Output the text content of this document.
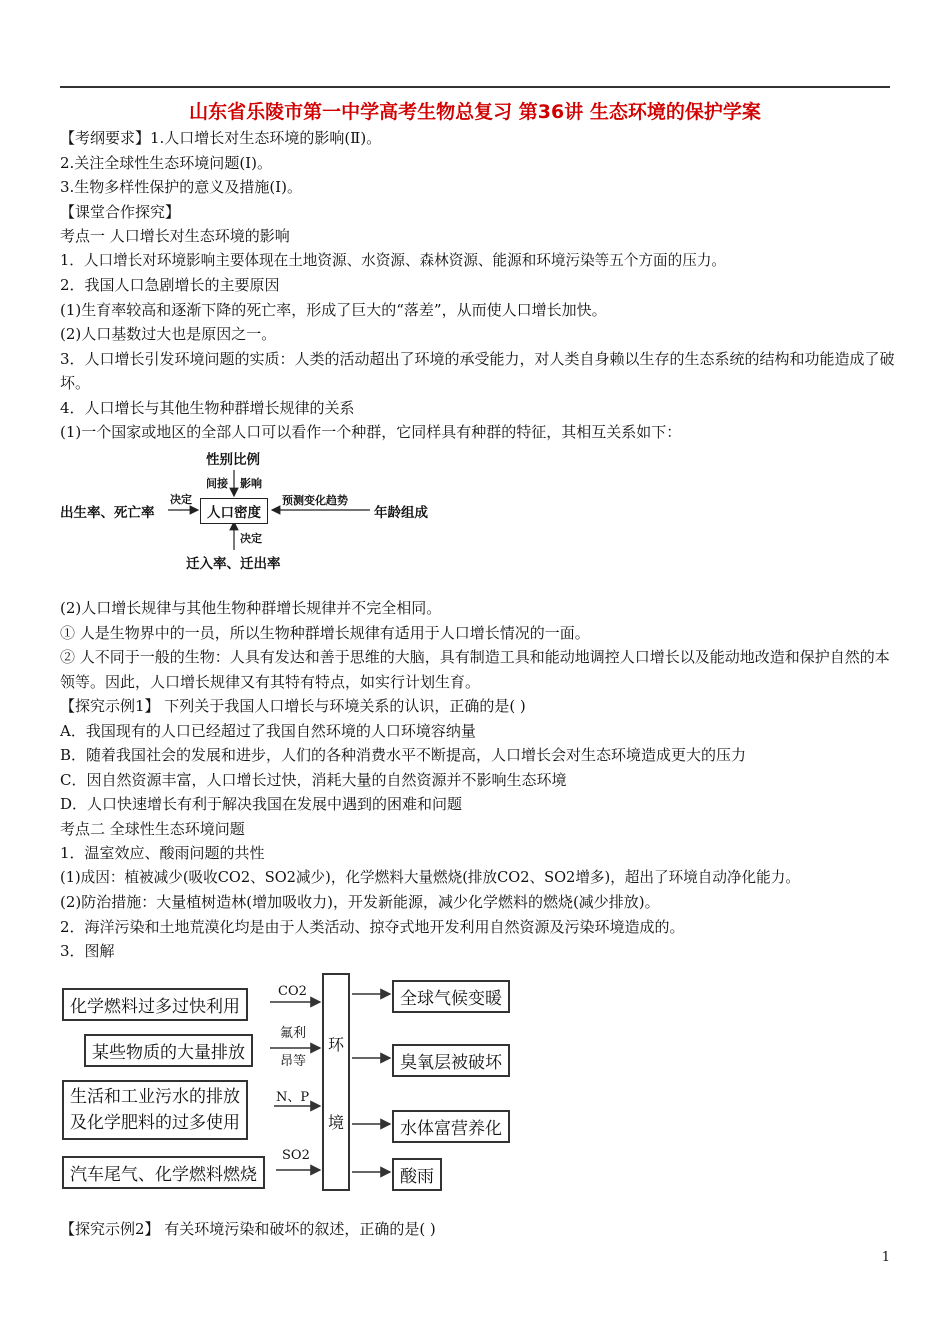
山东省乐陵市第一中学高考生物总复习 第36讲 生态环境的保护学案

【考纲要求】1.人口增长对生态环境的影响(Ⅱ)。

2.关注全球性生态环境问题(Ⅰ)。

3.生物多样性保护的意义及措施(Ⅰ)。

【课堂合作探究】

考点一 人口增长对生态环境的影响

1．人口增长对环境影响主要体现在土地资源、水资源、森林资源、能源和环境污染等五个方面的压力。

2．我国人口急剧增长的主要原因

(1)生育率较高和逐渐下降的死亡率，形成了巨大的“落差”，从而使人口增长加快。

(2)人口基数过大也是原因之一。

3．人口增长引发环境问题的实质：人类的活动超出了环境的承受能力，对人类自身赖以生存的生态系统的结构和功能造成了破坏。

4．人口增长与其他生物种群增长规律的关系

(1)一个国家或地区的全部人口可以看作一个种群，它同样具有种群的特征，其相互关系如下：

性别比例
间接 影响
出生率、死亡率
决定
人口密度
预测变化趋势
年龄组成
决定
迁入率、迁出率

(2)人口增长规律与其他生物种群增长规律并不完全相同。

① 人是生物界中的一员，所以生物种群增长规律有适用于人口增长情况的一面。

② 人不同于一般的生物：人具有发达和善于思维的大脑，具有制造工具和能动地调控人口增长以及能动地改造和保护自然的本领等。因此，人口增长规律又有其特有特点，如实行计划生育。

【探究示例1】 下列关于我国人口增长与环境关系的认识，正确的是( )

A．我国现有的人口已经超过了我国自然环境的人口环境容纳量

B．随着我国社会的发展和进步，人们的各种消费水平不断提高，人口增长会对生态环境造成更大的压力

C．因自然资源丰富，人口增长过快，消耗大量的自然资源并不影响生态环境

D．人口快速增长有利于解决我国在发展中遇到的困难和问题

考点二 全球性生态环境问题

1．温室效应、酸雨问题的共性

(1)成因：植被减少(吸收CO2、SO2减少)，化学燃料大量燃烧(排放CO2、SO2增多)，超出了环境自动净化能力。

(2)防治措施：大量植树造林(增加吸收力)，开发新能源，减少化学燃料的燃烧(减少排放)。

2．海洋污染和土地荒漠化均是由于人类活动、掠夺式地开发利用自然资源及污染环境造成的。

3．图解

化学燃料过多过快利用
某些物质的大量排放
生活和工业污水的排放
及化学肥料的过多使用
汽车尾气、化学燃料燃烧
CO2
氟利
昂等
N、P
SO2
环
境
全球气候变暖
臭氧层被破坏
水体富营养化
酸雨
【探究示例2】 有关环境污染和破坏的叙述，正确的是( )
1
